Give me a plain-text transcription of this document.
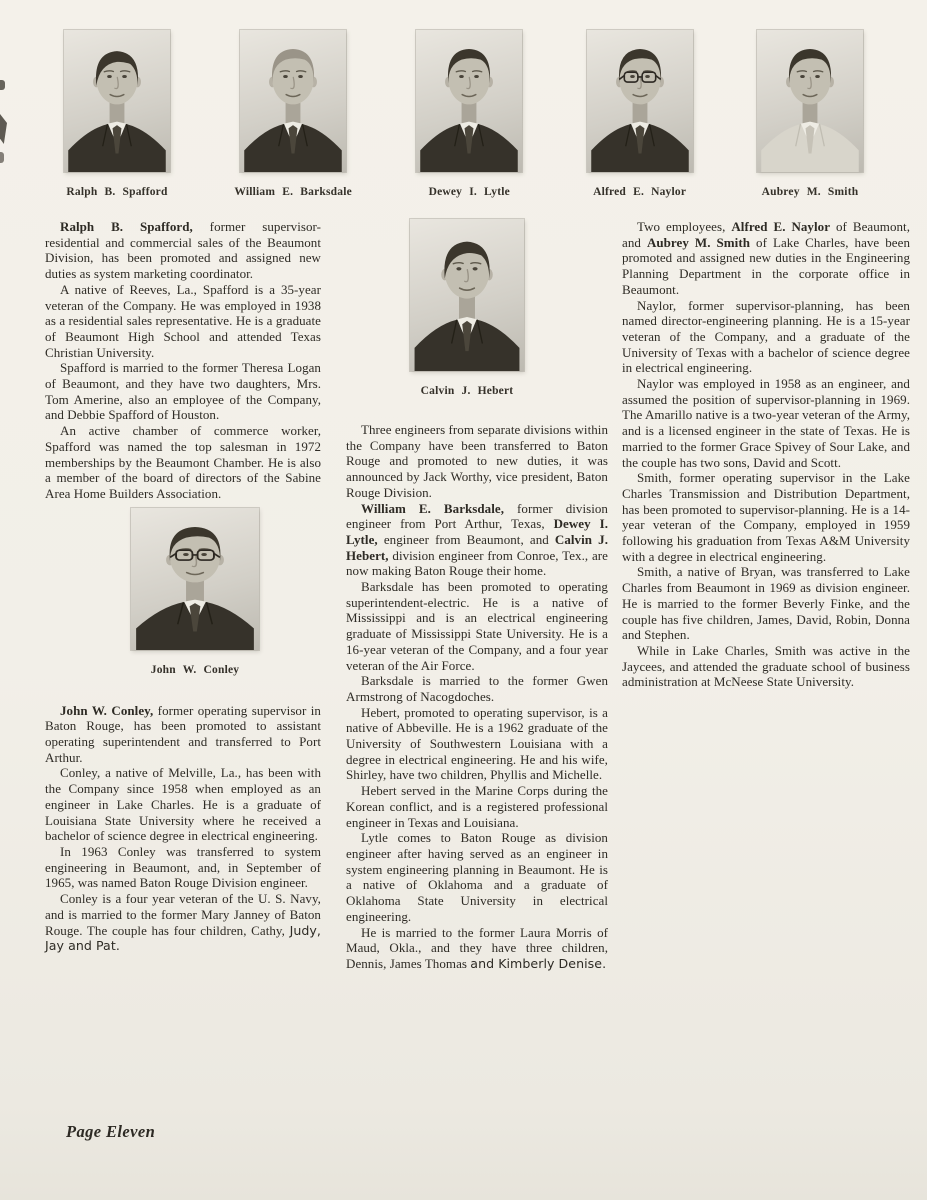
Ralph B. Spafford	William E. Barksdale	Dewey I. Lytle	Alfred E. Naylor	Aubrey M. Smith

Ralph B. Spafford, former supervisor-residential and commercial sales of the Beaumont Division, has been promoted and assigned new duties as system marketing coordinator.

A native of Reeves, La., Spafford is a 35-year veteran of the Company. He was employed in 1938 as a residential sales representative. He is a graduate of Beaumont High School and attended Texas Christian University.

Spafford is married to the former Theresa Logan of Beaumont, and they have two daughters, Mrs. Tom Amerine, also an employee of the Company, and Debbie Spafford of Houston.

An active chamber of commerce worker, Spafford was named the top salesman in 1972 memberships by the Beaumont Chamber. He is also a member of the board of directors of the Sabine Area Home Builders Association.

John W. Conley

John W. Conley, former operating supervisor in Baton Rouge, has been promoted to assistant operating superintendent and transferred to Port Arthur.

Conley, a native of Melville, La., has been with the Company since 1958 when employed as an engineer in Lake Charles. He is a graduate of Louisiana State University where he received a bachelor of science degree in electrical engineering.

In 1963 Conley was transferred to system engineering in Beaumont, and, in September of 1965, was named Baton Rouge Division engineer.

Conley is a four year veteran of the U. S. Navy, and is married to the former Mary Janney of Baton Rouge. The couple has four children, Cathy, Judy, Jay and Pat.

Calvin J. Hebert

Three engineers from separate divisions within the Company have been transferred to Baton Rouge and promoted to new duties, it was announced by Jack Worthy, vice president, Baton Rouge Division.

William E. Barksdale, former division engineer from Port Arthur, Texas, Dewey I. Lytle, engineer from Beaumont, and Calvin J. Hebert, division engineer from Conroe, Tex., are now making Baton Rouge their home.

Barksdale has been promoted to operating superintendent-electric. He is a native of Mississippi and is an electrical engineering graduate of Mississippi State University. He is a 16-year veteran of the Company, and a four year veteran of the Air Force.

Barksdale is married to the former Gwen Armstrong of Nacogdoches.

Hebert, promoted to operating supervisor, is a native of Abbeville. He is a 1962 graduate of the University of Southwestern Louisiana with a degree in electrical engineering. He and his wife, Shirley, have two children, Phyllis and Michelle.

Hebert served in the Marine Corps during the Korean conflict, and is a registered professional engineer in Texas and Louisiana.

Lytle comes to Baton Rouge as division engineer after having served as an engineer in system engineering planning in Beaumont. He is a native of Oklahoma and a graduate of Oklahoma State University in electrical engineering.

He is married to the former Laura Morris of Maud, Okla., and they have three children, Dennis, James Thomas and Kimberly Denise.

Two employees, Alfred E. Naylor of Beaumont, and Aubrey M. Smith of Lake Charles, have been promoted and assigned new duties in the Engineering Planning Department in the corporate office in Beaumont.

Naylor, former supervisor-planning, has been named director-engineering planning. He is a 15-year veteran of the Company, and a graduate of the University of Texas with a bachelor of science degree in electrical engineering.

Naylor was employed in 1958 as an engineer, and assumed the position of supervisor-planning in 1969. The Amarillo native is a two-year veteran of the Army, and is a licensed engineer in the state of Texas. He is married to the former Grace Spivey of Sour Lake, and the couple has two sons, David and Scott.

Smith, former operating supervisor in the Lake Charles Transmission and Distribution Department, has been promoted to supervisor-planning. He is a 14-year veteran of the Company, employed in 1959 following his graduation from Texas A&M University with a degree in electrical engineering.

Smith, a native of Bryan, was transferred to Lake Charles from Beaumont in 1969 as division engineer. He is married to the former Beverly Finke, and the couple has five children, James, David, Robin, Donna and Stephen.

While in Lake Charles, Smith was active in the Jaycees, and attended the graduate school of business administration at McNeese State University.

Page Eleven
